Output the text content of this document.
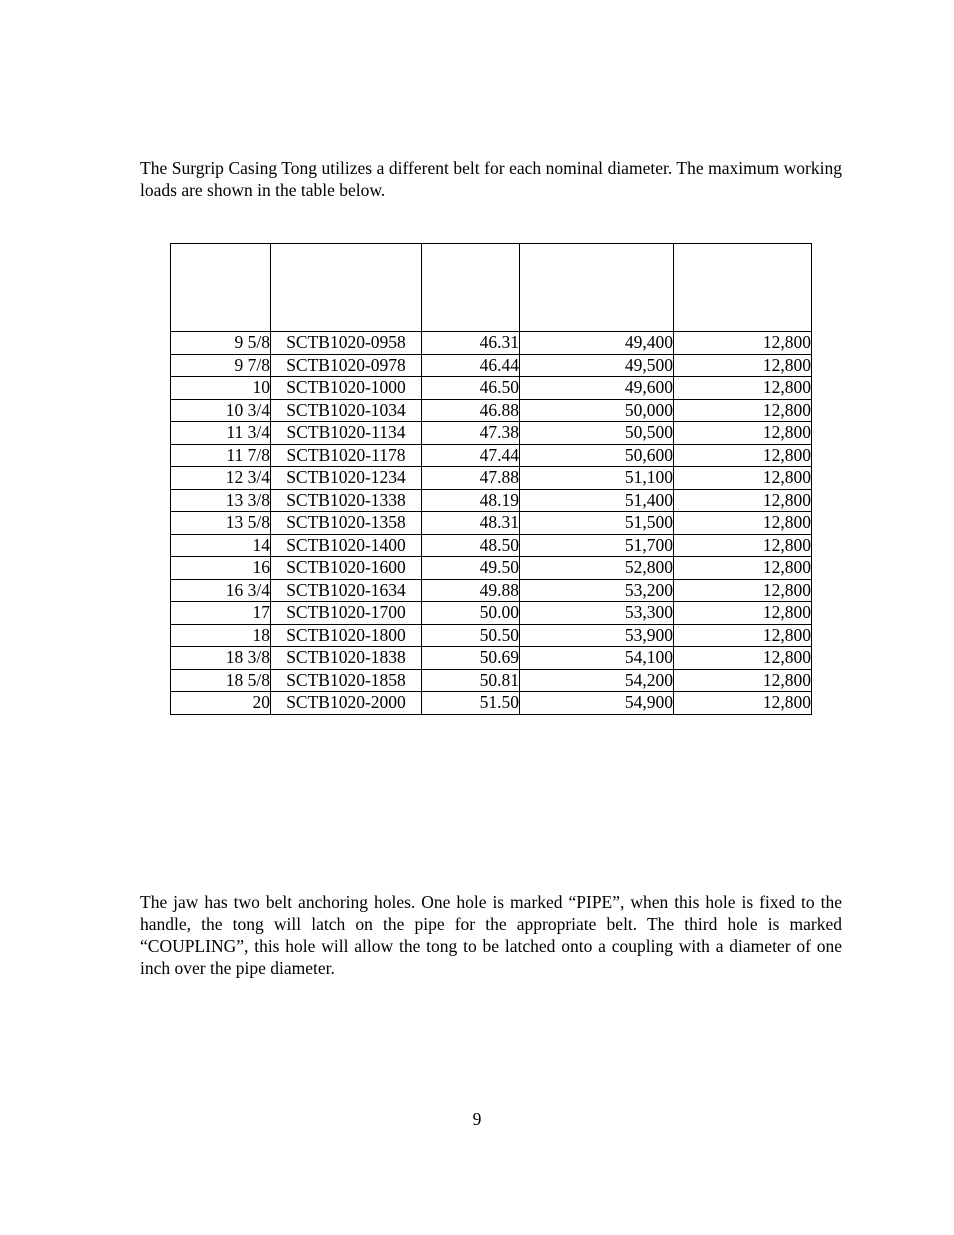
The Surgrip Casing Tong utilizes a different belt for each nominal diameter. The maximum working loads are shown in the table below.

9 5/8	SCTB1020-0958	46.31	49,400	12,800
9 7/8	SCTB1020-0978	46.44	49,500	12,800
10	SCTB1020-1000	46.50	49,600	12,800
10 3/4	SCTB1020-1034	46.88	50,000	12,800
11 3/4	SCTB1020-1134	47.38	50,500	12,800
11 7/8	SCTB1020-1178	47.44	50,600	12,800
12 3/4	SCTB1020-1234	47.88	51,100	12,800
13 3/8	SCTB1020-1338	48.19	51,400	12,800
13 5/8	SCTB1020-1358	48.31	51,500	12,800
14	SCTB1020-1400	48.50	51,700	12,800
16	SCTB1020-1600	49.50	52,800	12,800
16 3/4	SCTB1020-1634	49.88	53,200	12,800
17	SCTB1020-1700	50.00	53,300	12,800
18	SCTB1020-1800	50.50	53,900	12,800
18 3/8	SCTB1020-1838	50.69	54,100	12,800
18 5/8	SCTB1020-1858	50.81	54,200	12,800
20	SCTB1020-2000	51.50	54,900	12,800

The jaw has two belt anchoring holes. One hole is marked “PIPE”, when this hole is fixed to the handle, the tong will latch on the pipe for the appropriate belt. The third hole is marked “COUPLING”, this hole will allow the tong to be latched onto a coupling with a diameter of one inch over the pipe diameter.

9
